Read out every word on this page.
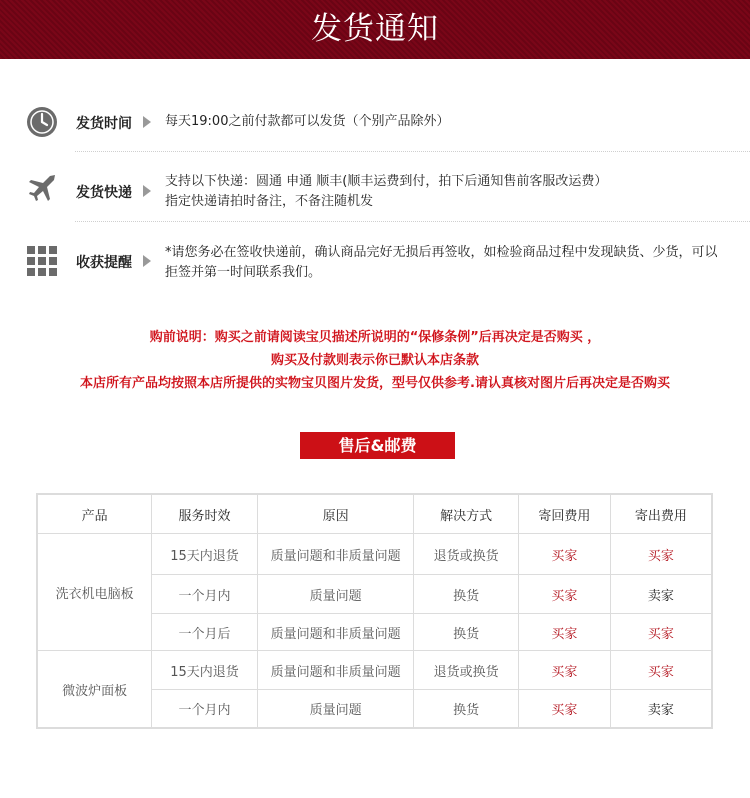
发货通知
发货时间	每天19:00之前付款都可以发货（个别产品除外）
发货快递
支持以下快递：圆通 申通 顺丰(顺丰运费到付，拍下后通知售前客服改运费）
指定快递请拍时备注，不备注随机发
收获提醒
*请您务必在签收快递前，确认商品完好无损后再签收，如检验商品过程中发现缺货、少货，可以
拒签并第一时间联系我们。
购前说明：购买之前请阅读宝贝描述所说明的“保修条例”后再决定是否购买 ，
购买及付款则表示你已默认本店条款
本店所有产品均按照本店所提供的实物宝贝图片发货，型号仅供参考.请认真核对图片后再决定是否购买
售后&邮费
产品	服务时效	原因	解决方式	寄回费用	寄出费用
洗衣机电脑板	15天内退货	质量问题和非质量问题	退货或换货	买家	买家
	一个月内	质量问题	换货	买家	卖家
	一个月后	质量问题和非质量问题	换货	买家	买家
微波炉面板	15天内退货	质量问题和非质量问题	退货或换货	买家	买家
	一个月内	质量问题	换货	买家	卖家
